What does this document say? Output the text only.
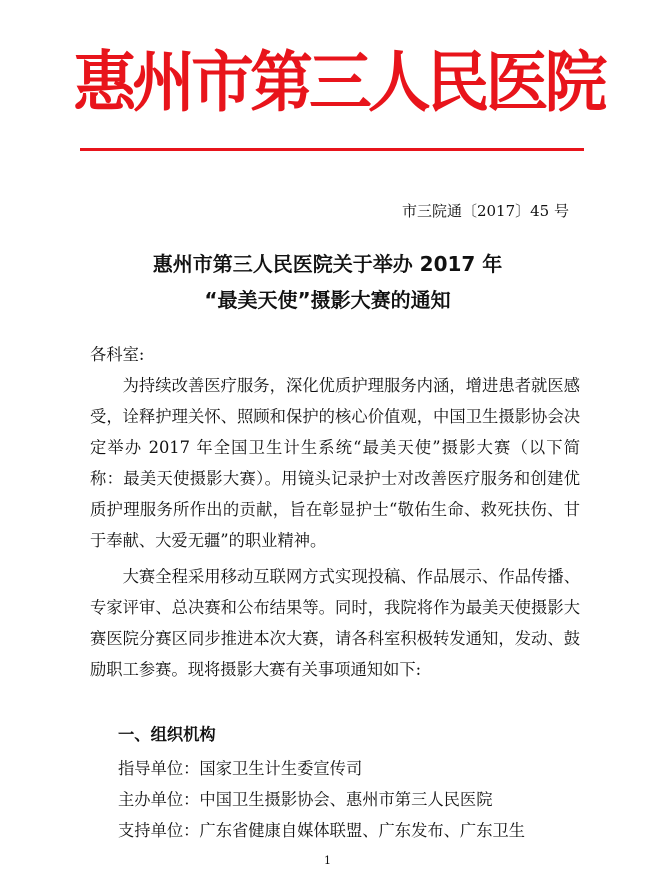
惠州市第三人民医院
市三院通〔2017〕45 号
惠州市第三人民医院关于举办 2017 年
“最美天使”摄影大赛的通知
各科室:

为持续改善医疗服务，深化优质护理服务内涵，增进患者就医感受，诠释护理关怀、照顾和保护的核心价值观，中国卫生摄影协会决定举办 2017 年全国卫生计生系统“最美天使”摄影大赛（以下简称：最美天使摄影大赛）。用镜头记录护士对改善医疗服务和创建优质护理服务所作出的贡献，旨在彰显护士“敬佑生命、救死扶伤、甘于奉献、大爱无疆”的职业精神。

大赛全程采用移动互联网方式实现投稿、作品展示、作品传播、专家评审、总决赛和公布结果等。同时，我院将作为最美天使摄影大赛医院分赛区同步推进本次大赛，请各科室积极转发通知，发动、鼓励职工参赛。现将摄影大赛有关事项通知如下:

一、组织机构
指导单位：国家卫生计生委宣传司
主办单位：中国卫生摄影协会、惠州市第三人民医院
支持单位：广东省健康自媒体联盟、广东发布、广东卫生
1
